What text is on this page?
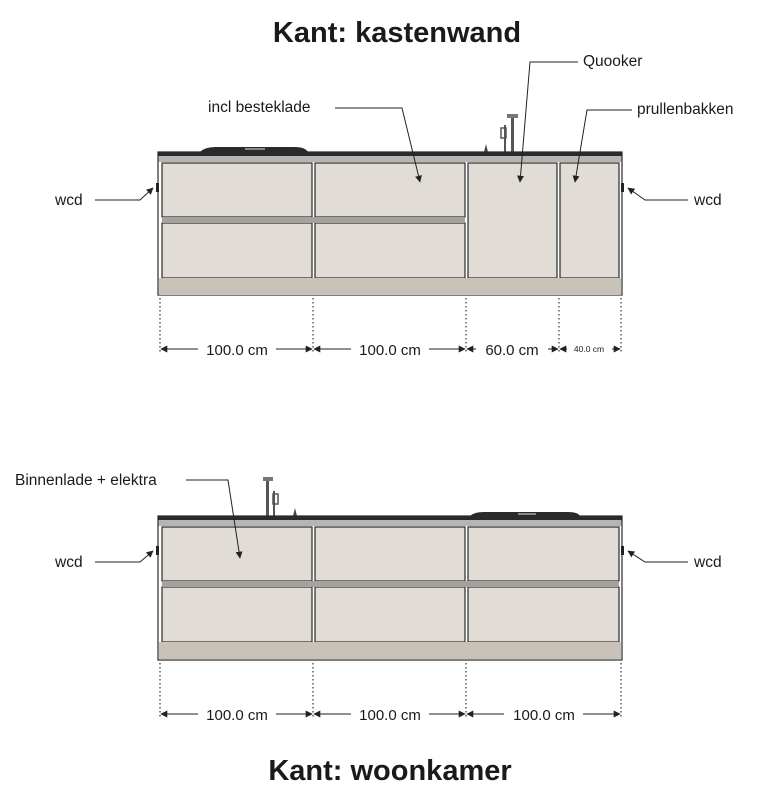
Kant: kastenwand
incl besteklade
Quooker
prullenbakken
wcd	wcd
100.0 cm	100.0 cm	60.0 cm	40.0 cm
Binnenlade + elektra
wcd	wcd
100.0 cm	100.0 cm	100.0 cm
Kant: woonkamer
